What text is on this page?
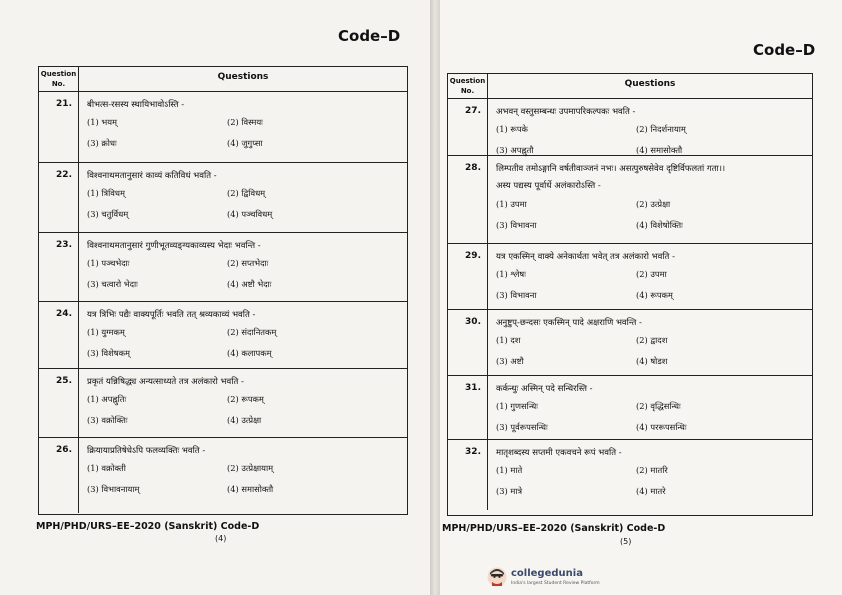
Code–D
Question
No.
Questions
21.	बीभत्स-रसस्य स्थायिभावोऽस्ति -
(1) भयम्	(2) विस्मयः
(3) क्रोधः	(4) जुगुप्सा
22.	विश्वनाथमतानुसारं काव्यं कतिविधं भवति -
(1) त्रिविधम्	(2) द्विविधम्
(3) चतुर्विधम्	(4) पञ्चविधम्
23.	विश्वनाथमतानुसारं गुणीभूतव्यङ्ग्यकाव्यस्य भेदाः भवन्ति -
(1) पञ्चभेदाः	(2) सप्तभेदाः
(3) चत्वारो भेदाः	(4) अष्टौ भेदाः
24.	यत्र त्रिभिः पद्यैः वाक्यपूर्तिः भवति तत् श्रव्यकाव्यं भवति -
(1) युग्मकम्	(2) संदानितकम्
(3) विशेषकम्	(4) कलापकम्
25.	प्रकृतं यन्निषिद्ध्य अन्यत्साध्यते तत्र अलंकारो भवति -
(1) अपह्नुतिः	(2) रूपकम्
(3) वक्रोक्तिः	(4) उत्प्रेक्षा
26.	क्रियायाप्रतिषेधेऽपि फलव्यक्तिः भवति -
(1) वक्रोक्ती	(2) उत्प्रेक्षायाम्
(3) विभावनायाम्	(4) समासोक्तौ
MPH/PHD/URS–EE–2020 (Sanskrit) Code-D
(4)
Code–D
Question
No.
Questions
27.	अभवन् वस्तुसम्बन्धः उपमापरिकल्पकः भवति -
(1) रूपके	(2) निदर्शनायाम्
(3) अपह्नुतौ	(4) समासोक्तौ
28.	लिम्पतीव तमोऽङ्गानि वर्षतीवाञ्जनं नभः। असत्पुरुषसेवेव दृष्टिर्विफलतां गता।।
अस्य पद्यस्य पूर्वार्धे अलंकारोऽस्ति -
(1) उपमा	(2) उत्प्रेक्षा
(3) विभावना	(4) विशेषोक्तिः
29.	यत्र एकस्मिन् वाक्ये अनेकार्थता भवेत् तत्र अलंकारो भवति -
(1) श्लेषः	(2) उपमा
(3) विभावना	(4) रूपकम्
30.	अनुष्टुप्-छन्दसः एकस्मिन् पादे अक्षराणि भवन्ति -
(1) दश	(2) द्वादश
(3) अष्टौ	(4) षोडश
31.	कर्कन्धुः अस्मिन् पदे सन्धिरस्ति -
(1) गुणसन्धिः	(2) वृद्धिसन्धिः
(3) पूर्वरूपसन्धिः	(4) पररूपसन्धिः
32.	मातृशब्दस्य सप्तमी एकवचने रूपं भवति -
(1) माते	(2) मातरि
(3) मात्रे	(4) मातरे
MPH/PHD/URS–EE–2020 (Sanskrit) Code-D
(5)
collegedunia
India's largest Student Review Platform
